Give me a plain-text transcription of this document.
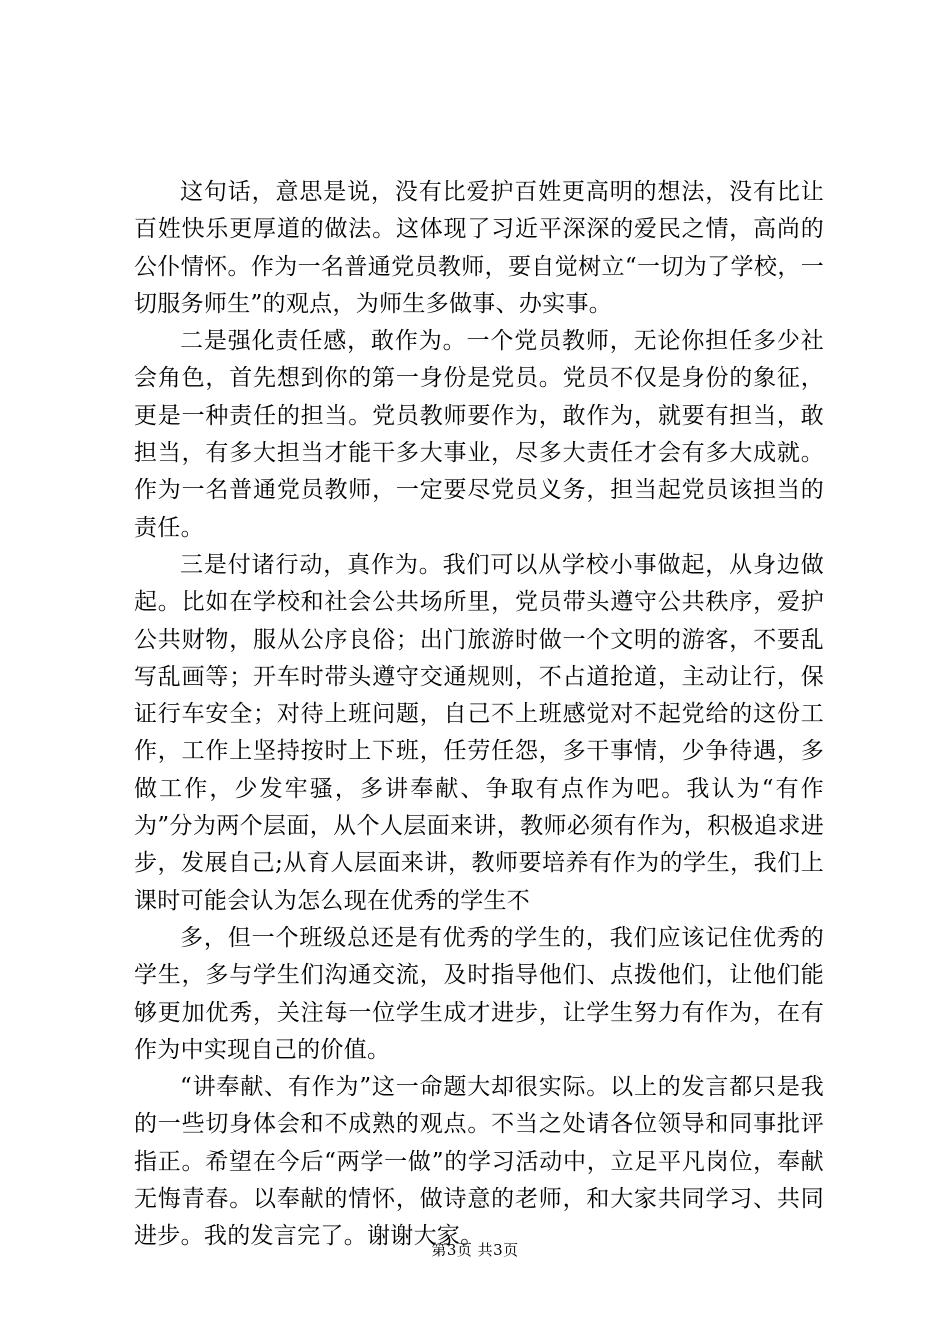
这句话，意思是说，没有比爱护百姓更高明的想法，没有比让百姓快乐更厚道的做法。这体现了习近平深深的爱民之情，高尚的公仆情怀。作为一名普通党员教师，要自觉树立“一切为了学校，一切服务师生”的观点，为师生多做事、办实事。

二是强化责任感，敢作为。一个党员教师，无论你担任多少社会角色，首先想到你的第一身份是党员。党员不仅是身份的象征，更是一种责任的担当。党员教师要作为，敢作为，就要有担当，敢担当，有多大担当才能干多大事业，尽多大责任才会有多大成就。作为一名普通党员教师，一定要尽党员义务，担当起党员该担当的责任。

三是付诸行动，真作为。我们可以从学校小事做起，从身边做起。比如在学校和社会公共场所里，党员带头遵守公共秩序，爱护公共财物，服从公序良俗；出门旅游时做一个文明的游客，不要乱写乱画等；开车时带头遵守交通规则，不占道抢道，主动让行，保证行车安全；对待上班问题，自己不上班感觉对不起党给的这份工作，工作上坚持按时上下班，任劳任怨，多干事情，少争待遇，多做工作，少发牢骚，多讲奉献、争取有点作为吧。我认为“有作为”分为两个层面，从个人层面来讲，教师必须有作为，积极追求进步，发展自己;从育人层面来讲，教师要培养有作为的学生，我们上课时可能会认为怎么现在优秀的学生不

多，但一个班级总还是有优秀的学生的，我们应该记住优秀的学生，多与学生们沟通交流，及时指导他们、点拨他们，让他们能够更加优秀，关注每一位学生成才进步，让学生努力有作为，在有作为中实现自己的价值。

“讲奉献、有作为”这一命题大却很实际。以上的发言都只是我的一些切身体会和不成熟的观点。不当之处请各位领导和同事批评指正。希望在今后“两学一做”的学习活动中，立足平凡岗位，奉献无悔青春。以奉献的情怀，做诗意的老师，和大家共同学习、共同进步。我的发言完了。谢谢大家。

第3页 共3页
